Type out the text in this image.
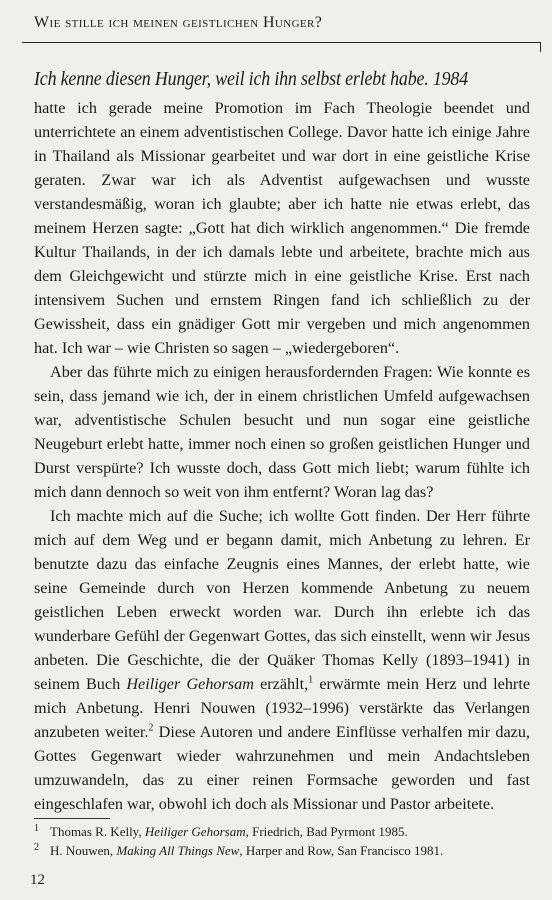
Wie stille ich meinen geistlichen Hunger?
Ich kenne diesen Hunger, weil ich ihn selbst erlebt habe. 1984

hatte ich gerade meine Promotion im Fach Theologie beendet und unterrichtete an einem adventistischen College. Davor hatte ich einige Jahre in Thailand als Missionar gearbeitet und war dort in eine geistliche Krise geraten. Zwar war ich als Adventist aufgewachsen und wusste verstandesmäßig, woran ich glaubte; aber ich hatte nie etwas erlebt, das meinem Herzen sagte: „Gott hat dich wirklich angenommen.“ Die fremde Kultur Thailands, in der ich damals lebte und arbeitete, brachte mich aus dem Gleichgewicht und stürzte mich in eine geistliche Krise. Erst nach intensivem Suchen und ernstem Ringen fand ich schließlich zu der Gewissheit, dass ein gnädiger Gott mir vergeben und mich angenommen hat. Ich war – wie Christen so sagen – „wiedergeboren“.

Aber das führte mich zu einigen herausfordernden Fragen: Wie konnte es sein, dass jemand wie ich, der in einem christlichen Umfeld aufgewachsen war, adventistische Schulen besucht und nun sogar eine geistliche Neugeburt erlebt hatte, immer noch einen so großen geistlichen Hunger und Durst verspürte? Ich wusste doch, dass Gott mich liebt; warum fühlte ich mich dann dennoch so weit von ihm entfernt? Woran lag das?

Ich machte mich auf die Suche; ich wollte Gott finden. Der Herr führte mich auf dem Weg und er begann damit, mich Anbetung zu lehren. Er benutzte dazu das einfache Zeugnis eines Mannes, der erlebt hatte, wie seine Gemeinde durch von Herzen kommende Anbetung zu neuem geistlichen Leben erweckt worden war. Durch ihn erlebte ich das wunderbare Gefühl der Gegenwart Gottes, das sich einstellt, wenn wir Jesus anbeten. Die Geschichte, die der Quäker Thomas Kelly (1893–1941) in seinem Buch Heiliger Gehorsam erzählt,$^1$ erwärmte mein Herz und lehrte mich Anbetung. Henri Nouwen (1932–1996) verstärkte das Verlangen anzubeten weiter.$^2$ Diese Autoren und andere Einflüsse verhalfen mir dazu, Gottes Gegenwart wieder wahrzunehmen und mein Andachtsleben umzuwandeln, das zu einer reinen Formsache geworden und fast eingeschlafen war, obwohl ich doch als Missionar und Pastor arbeitete.

1 Thomas R. Kelly, Heiliger Gehorsam, Friedrich, Bad Pyrmont 1985.
2 H. Nouwen, Making All Things New, Harper and Row, San Francisco 1981.
12
